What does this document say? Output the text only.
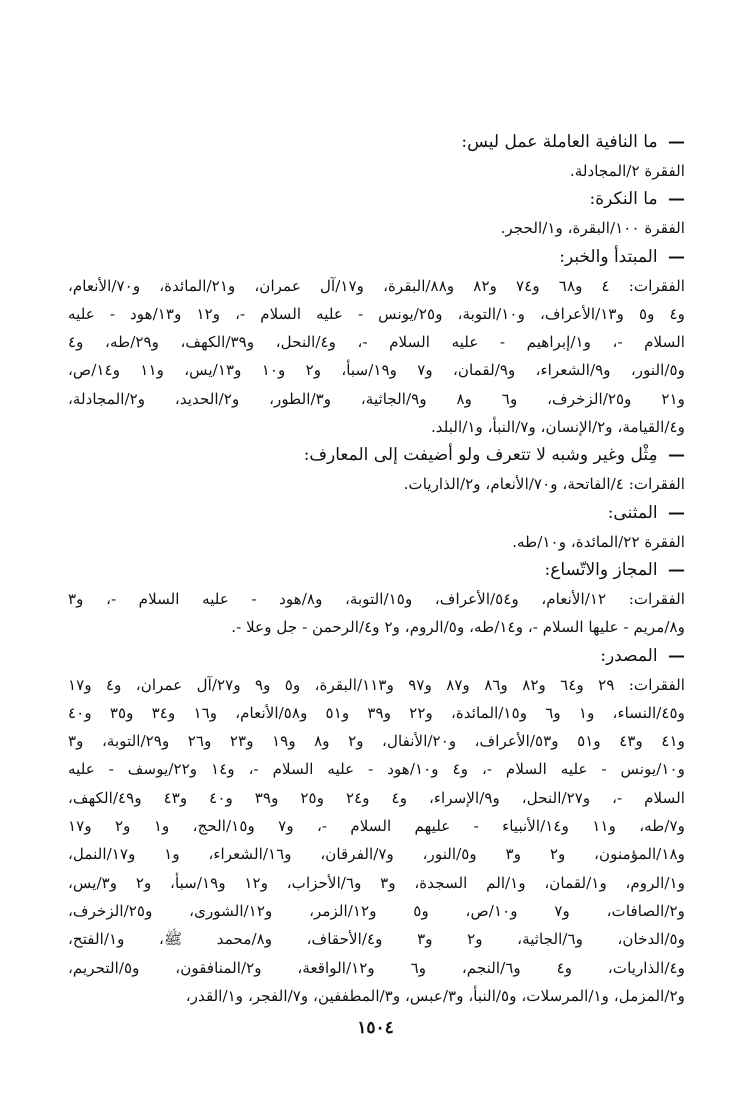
— ما النافية العاملة عمل ليس:

الفقرة ٢/المجادلة.

— ما النكرة:

الفقرة ١٠٠/البقرة، و١/الحجر.

— المبتدأ والخبر:

الفقرات: ٤ و٦٨ و٧٤ و٨٢ و٨٨/البقرة، و١٧/آل عمران، و٢١/المائدة، و٧٠/الأنعام،

و٤ و٥ و١٣/الأعراف، و١٠/التوبة، و٢٥/يونس - عليه السلام -، و١٢ و١٣/هود - عليه

السلام -، و١/إبراهيم - عليه السلام -، و٤/النحل، و٣٩/الكهف، و٢٩/طه، و٤

و٥/النور، و٩/الشعراء، و٩/لقمان، و٧ و١٩/سبأ، و٢ و١٠ و١٣/يس، و١١ و١٤/ص،

و٢١ و٢٥/الزخرف، و٦ و٨ و٩/الجاثية، و٣/الطور، و٢/الحديد، و٢/المجادلة،

و٤/القيامة، و٢/الإنسان، و٧/النبأ، و١/البلد.

— مِثْل وغير وشبه لا تتعرف ولو أضيفت إلى المعارف:

الفقرات: ٤/الفاتحة، و٧٠/الأنعام، و٢/الذاريات.

— المثنى:

الفقرة ٢٢/المائدة، و١٠/طه.

— المجاز والاتّساع:

الفقرات: ١٢/الأنعام، و٥٤/الأعراف، و١٥/التوبة، و٨/هود - عليه السلام -، و٣

و٨/مريم - عليها السلام -، و١٤/طه، و٥/الروم، و٢ و٤/الرحمن - جل وعلا -.

— المصدر:

الفقرات: ٢٩ و٦٤ و٨٢ و٨٦ و٨٧ و٩٧ و١١٣/البقرة، و٥ و٩ و٢٧/آل عمران، و٤ و١٧

و٤٥/النساء، و١ و٦ و١٥/المائدة، و٢٢ و٣٩ و٥١ و٥٨/الأنعام، و١٦ و٣٤ و٣٥ و٤٠

و٤١ و٤٣ و٥١ و٥٣/الأعراف، و٢٠/الأنفال، و٢ و٨ و١٩ و٢٣ و٢٦ و٢٩/التوبة، و٣

و١٠/يونس - عليه السلام -، و٤ و١٠/هود - عليه السلام -، و١٤ و٢٢/يوسف - عليه

السلام -، و٢٧/النحل، و٩/الإسراء، و٤ و٢٤ و٢٥ و٣٩ و٤٠ و٤٣ و٤٩/الكهف،

و٧/طه، و١١ و١٤/الأنبياء - عليهم السلام -، و٧ و١٥/الحج، و١ و٢ و١٧

و١٨/المؤمنون، و٢ و٣ و٥/النور، و٧/الفرقان، و١٦/الشعراء، و١ و١٧/النمل،

و١/الروم، و١/لقمان، و١/الم السجدة، و٣ و٦/الأحزاب، و١٢ و١٩/سبأ، و٢ و٣/يس،

و٢/الصافات، و٧ و١٠/ص، و٥ و١٢/الزمر، و١٢/الشورى، و٢٥/الزخرف،

و٥/الدخان، و٦/الجاثية، و٢ و٣ و٤/الأحقاف، و٨/محمد ﷺ، و١/الفتح،

و٤/الذاريات، و٤ و٦/النجم، و٦ و١٢/الواقعة، و٢/المنافقون، و٥/التحريم،

و٢/المزمل، و١/المرسلات، و٥/النبأ، و٣/عبس، و٣/المطففين، و٧/الفجر، و١/القدر،

١٥٠٤
